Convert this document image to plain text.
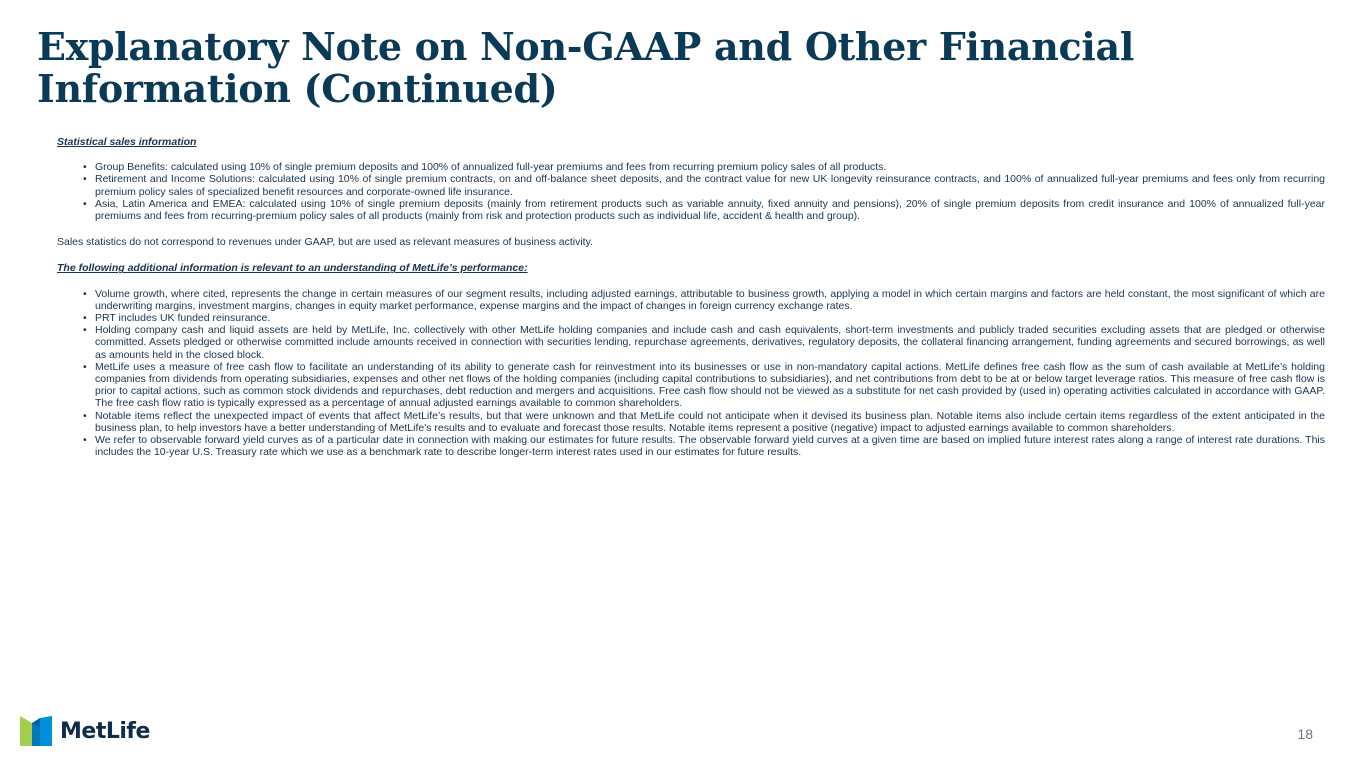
Explanatory Note on Non-GAAP and Other Financial Information (Continued)
Statistical sales information
• Group Benefits: calculated using 10% of single premium deposits and 100% of annualized full-year premiums and fees from recurring premium policy sales of all products.
• Retirement and Income Solutions: calculated using 10% of single premium contracts, on and off-balance sheet deposits, and the contract value for new UK longevity reinsurance contracts, and 100% of annualized full-year premiums and fees only from recurring premium policy sales of specialized benefit resources and corporate-owned life insurance.
• Asia, Latin America and EMEA: calculated using 10% of single premium deposits (mainly from retirement products such as variable annuity, fixed annuity and pensions), 20% of single premium deposits from credit insurance and 100% of annualized full-year premiums and fees from recurring-premium policy sales of all products (mainly from risk and protection products such as individual life, accident & health and group).
Sales statistics do not correspond to revenues under GAAP, but are used as relevant measures of business activity.
The following additional information is relevant to an understanding of MetLife’s performance:
• Volume growth, where cited, represents the change in certain measures of our segment results, including adjusted earnings, attributable to business growth, applying a model in which certain margins and factors are held constant, the most significant of which are underwriting margins, investment margins, changes in equity market performance, expense margins and the impact of changes in foreign currency exchange rates.
• PRT includes UK funded reinsurance.
• Holding company cash and liquid assets are held by MetLife, Inc. collectively with other MetLife holding companies and include cash and cash equivalents, short-term investments and publicly traded securities excluding assets that are pledged or otherwise committed. Assets pledged or otherwise committed include amounts received in connection with securities lending, repurchase agreements, derivatives, regulatory deposits, the collateral financing arrangement, funding agreements and secured borrowings, as well as amounts held in the closed block.
• MetLife uses a measure of free cash flow to facilitate an understanding of its ability to generate cash for reinvestment into its businesses or use in non-mandatory capital actions. MetLife defines free cash flow as the sum of cash available at MetLife’s holding companies from dividends from operating subsidiaries, expenses and other net flows of the holding companies (including capital contributions to subsidiaries), and net contributions from debt to be at or below target leverage ratios. This measure of free cash flow is prior to capital actions, such as common stock dividends and repurchases, debt reduction and mergers and acquisitions. Free cash flow should not be viewed as a substitute for net cash provided by (used in) operating activities calculated in accordance with GAAP. The free cash flow ratio is typically expressed as a percentage of annual adjusted earnings available to common shareholders.
• Notable items reflect the unexpected impact of events that affect MetLife’s results, but that were unknown and that MetLife could not anticipate when it devised its business plan. Notable items also include certain items regardless of the extent anticipated in the business plan, to help investors have a better understanding of MetLife's results and to evaluate and forecast those results. Notable items represent a positive (negative) impact to adjusted earnings available to common shareholders.
• We refer to observable forward yield curves as of a particular date in connection with making our estimates for future results. The observable forward yield curves at a given time are based on implied future interest rates along a range of interest rate durations. This includes the 10-year U.S. Treasury rate which we use as a benchmark rate to describe longer-term interest rates used in our estimates for future results.
MetLife	18
